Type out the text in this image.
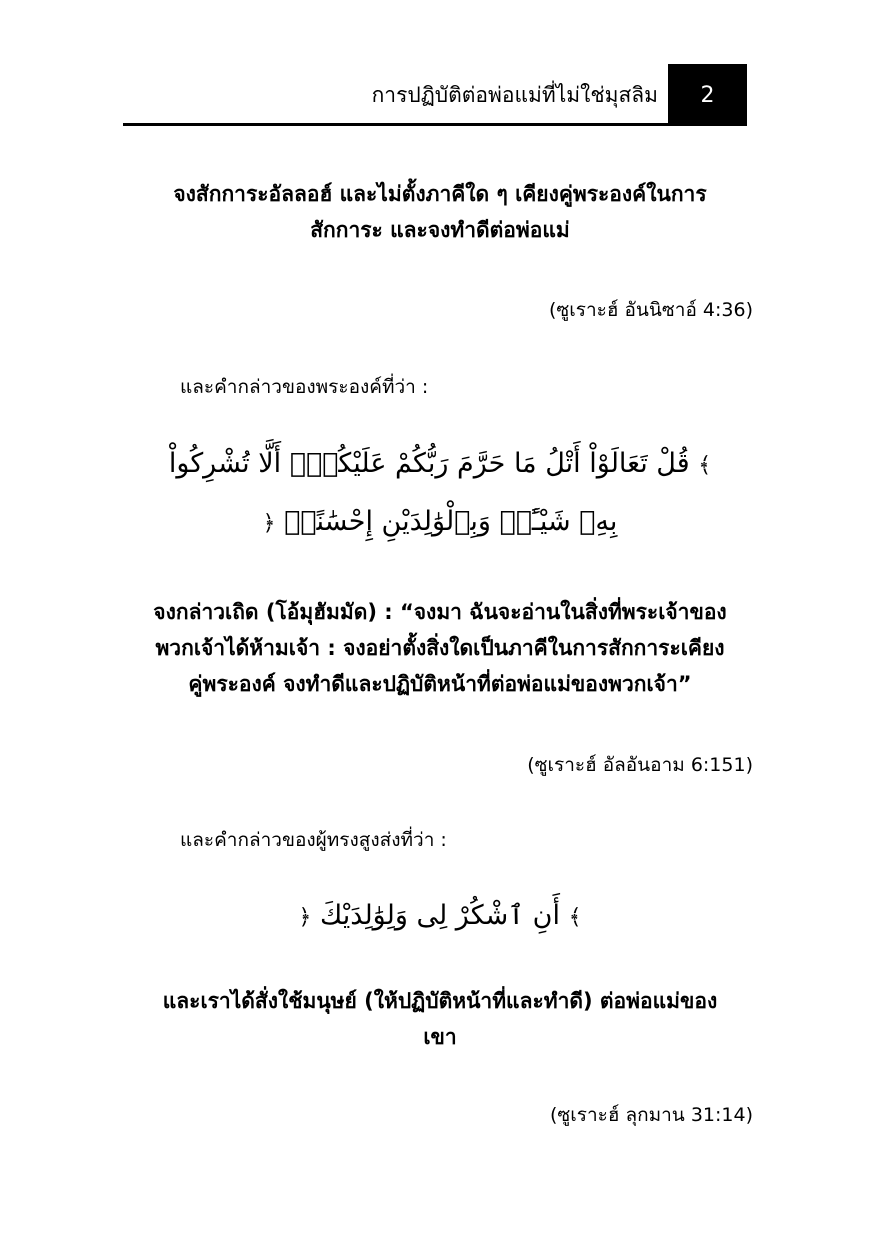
การปฏิบัติต่อพ่อแม่ที่ไม่ใช่มุสลิม 2
จงสักการะอัลลอฮ์ และไม่ตั้งภาคีใด ๆ เคียงคู่พระองค์ในการ
สักการะ และจงทำดีต่อพ่อแม่
(ซูเราะฮ์ อันนิซาอ์ 4:36)
และคำกล่าวของพระองค์ที่ว่า :
﴾ قُلْ تَعَالَوْاْ أَتْلُ مَا حَرَّمَ رَبُّكُمْ عَلَيْكُمْۖ أَلَّا تُشْرِكُواْ
بِهِۦ شَيْـًٔاۖ وَبِٱلْوَٰلِدَيْنِ إِحْسَٰنًاۖ ﴿
จงกล่าวเถิด (โอ้มุฮัมมัด) : “จงมา ฉันจะอ่านในสิ่งที่พระเจ้าของ
พวกเจ้าได้ห้ามเจ้า : จงอย่าตั้งสิ่งใดเป็นภาคีในการสักการะเคียง
คู่พระองค์ จงทำดีและปฏิบัติหน้าที่ต่อพ่อแม่ของพวกเจ้า”
(ซูเราะฮ์ อัลอันอาม 6:151)
และคำกล่าวของผู้ทรงสูงส่งที่ว่า :
﴾ أَنِ ٱشْكُرْ لِى وَلِوَٰلِدَيْكَ ﴿
และเราได้สั่งใช้มนุษย์ (ให้ปฏิบัติหน้าที่และทำดี) ต่อพ่อแม่ของ
เขา
(ซูเราะฮ์ ลุกมาน 31:14)
